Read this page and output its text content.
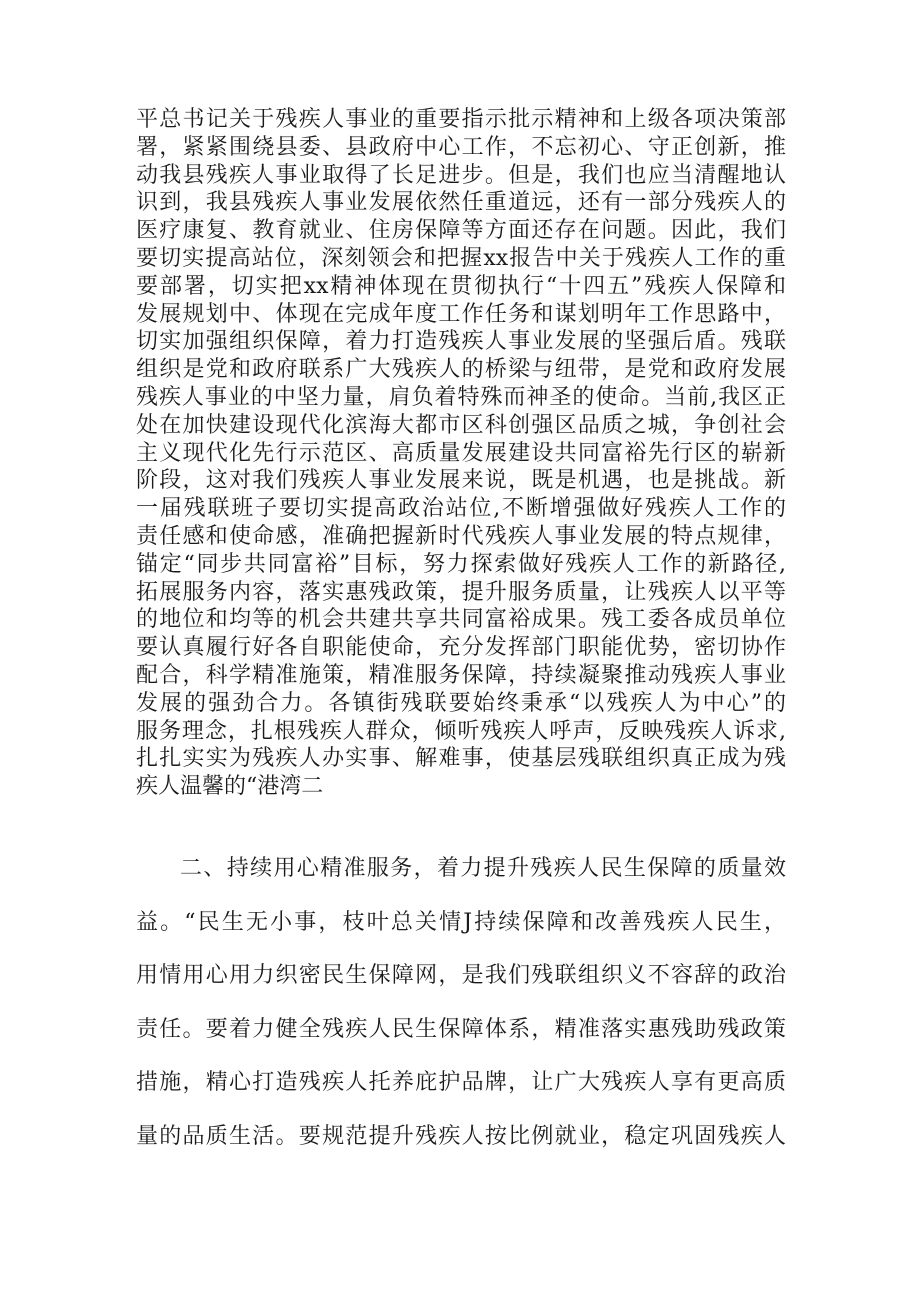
平总书记关于残疾人事业的重要指示批示精神和上级各项决策部
署，紧紧围绕县委、县政府中心工作，不忘初心、守正创新，推
动我县残疾人事业取得了长足进步。但是，我们也应当清醒地认
识到，我县残疾人事业发展依然任重道远，还有一部分残疾人的
医疗康复、教育就业、住房保障等方面还存在问题。因此，我们
要切实提高站位，深刻领会和把握xx报告中关于残疾人工作的重
要部署，切实把xx精神体现在贯彻执行“十四五”残疾人保障和
发展规划中、体现在完成年度工作任务和谋划明年工作思路中，
切实加强组织保障，着力打造残疾人事业发展的坚强后盾。残联
组织是党和政府联系广大残疾人的桥梁与纽带，是党和政府发展
残疾人事业的中坚力量，肩负着特殊而神圣的使命。当前,我区正
处在加快建设现代化滨海大都市区科创强区品质之城，争创社会
主义现代化先行示范区、高质量发展建设共同富裕先行区的崭新
阶段，这对我们残疾人事业发展来说，既是机遇，也是挑战。新
一届残联班子要切实提高政治站位,不断增强做好残疾人工作的
责任感和使命感，准确把握新时代残疾人事业发展的特点规律，
锚定“同步共同富裕”目标，努力探索做好残疾人工作的新路径,
拓展服务内容，落实惠残政策，提升服务质量，让残疾人以平等
的地位和均等的机会共建共享共同富裕成果。残工委各成员单位
要认真履行好各自职能使命，充分发挥部门职能优势，密切协作
配合，科学精准施策，精准服务保障，持续凝聚推动残疾人事业
发展的强劲合力。各镇街残联要始终秉承“以残疾人为中心”的
服务理念，扎根残疾人群众，倾听残疾人呼声，反映残疾人诉求,
扎扎实实为残疾人办实事、解难事，使基层残联组织真正成为残
疾人温馨的“港湾二
二、持续用心精准服务，着力提升残疾人民生保障的质量效
益。“民生无小事，枝叶总关情J持续保障和改善残疾人民生，
用情用心用力织密民生保障网，是我们残联组织义不容辞的政治
责任。要着力健全残疾人民生保障体系，精准落实惠残助残政策
措施，精心打造残疾人托养庇护品牌，让广大残疾人享有更高质
量的品质生活。要规范提升残疾人按比例就业，稳定巩固残疾人
